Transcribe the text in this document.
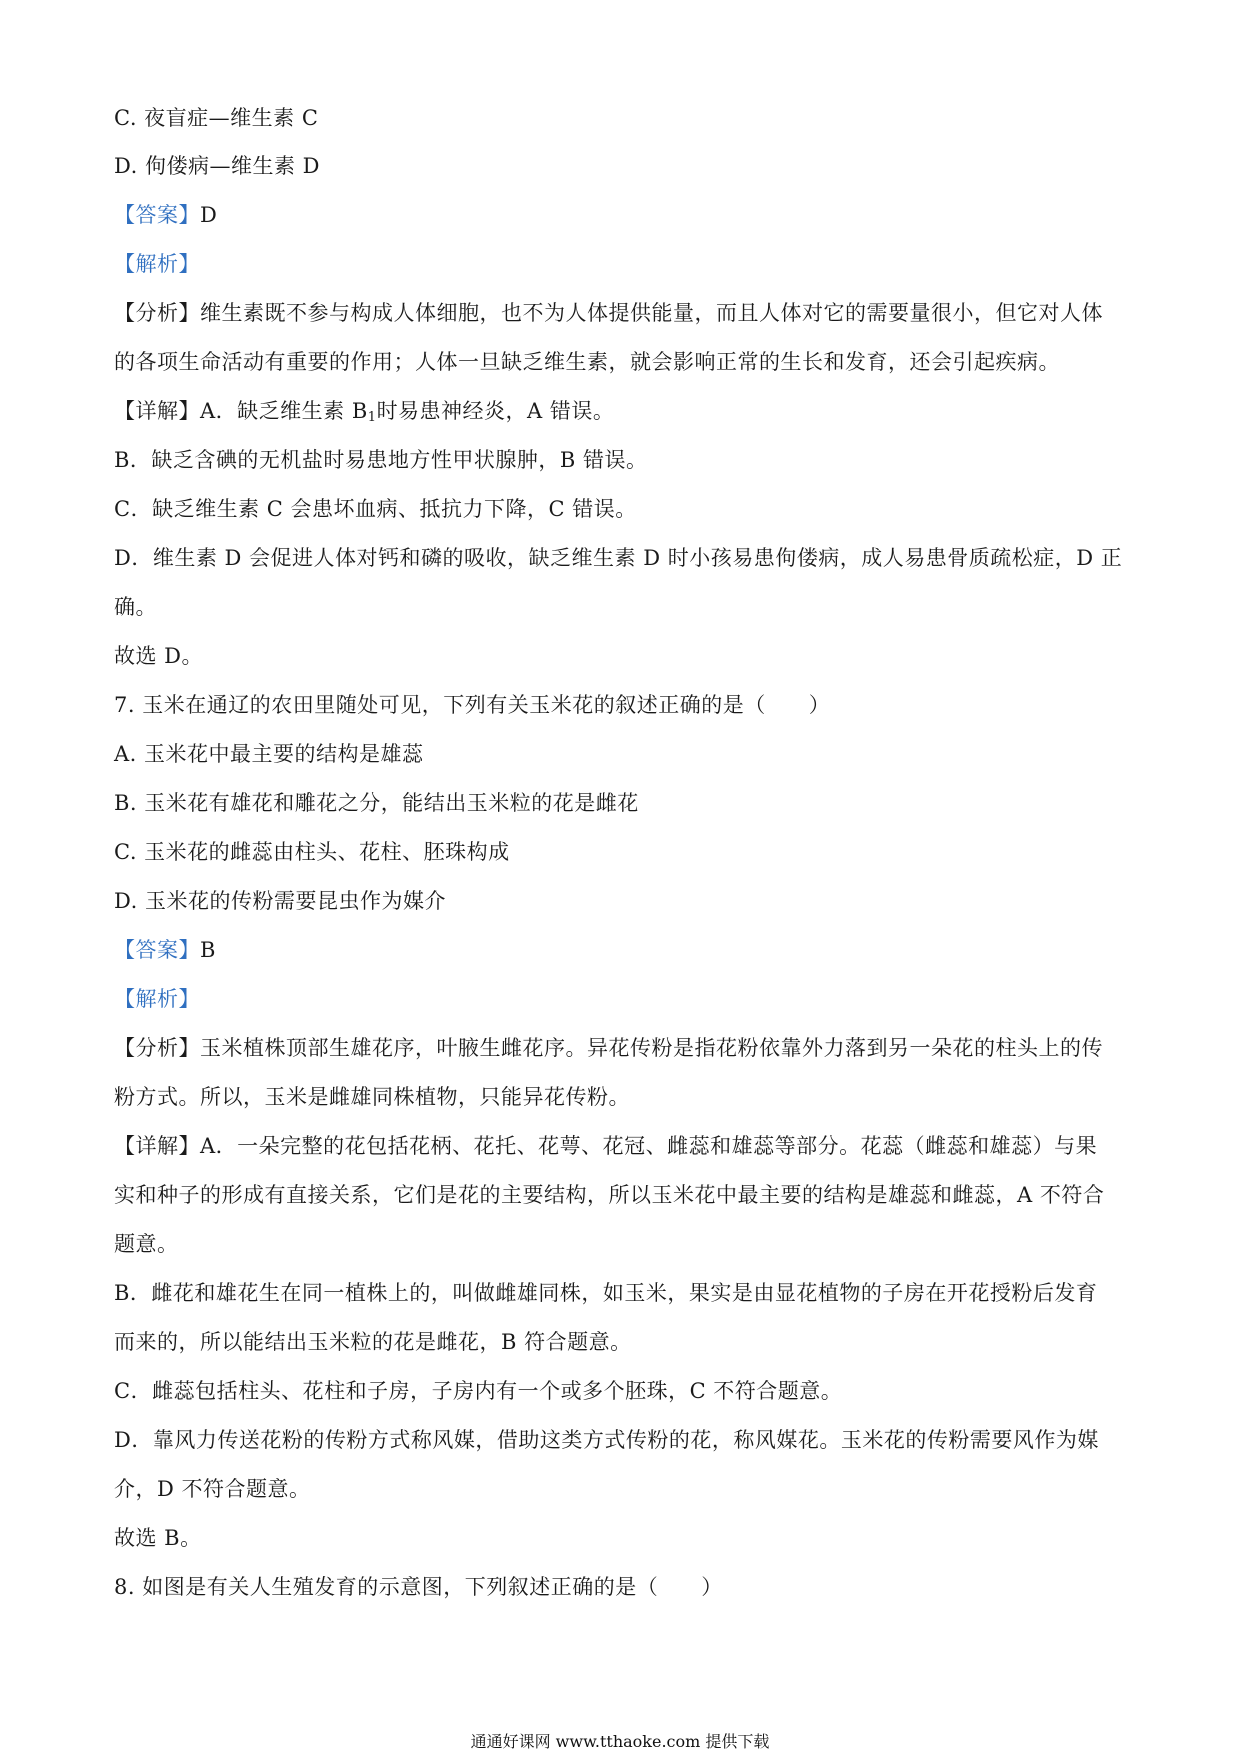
C. 夜盲症—维生素 C
D. 佝偻病—维生素 D
【答案】D
【解析】
【分析】维生素既不参与构成人体细胞，也不为人体提供能量，而且人体对它的需要量很小，但它对人体
的各项生命活动有重要的作用；人体一旦缺乏维生素，就会影响正常的生长和发育，还会引起疾病。
【详解】A．缺乏维生素 $B_1$时易患神经炎，A 错误。
B．缺乏含碘的无机盐时易患地方性甲状腺肿，B 错误。
C．缺乏维生素 C 会患坏血病、抵抗力下降，C 错误。
D．维生素 D 会促进人体对钙和磷的吸收，缺乏维生素 D 时小孩易患佝偻病，成人易患骨质疏松症，D 正
确。
故选 D。
7. 玉米在通辽的农田里随处可见，下列有关玉米花的叙述正确的是（　　）
A. 玉米花中最主要的结构是雄蕊
B. 玉米花有雄花和雕花之分，能结出玉米粒的花是雌花
C. 玉米花的雌蕊由柱头、花柱、胚珠构成
D. 玉米花的传粉需要昆虫作为媒介
【答案】B
【解析】
【分析】玉米植株顶部生雄花序，叶腋生雌花序。异花传粉是指花粉依靠外力落到另一朵花的柱头上的传
粉方式。所以，玉米是雌雄同株植物，只能异花传粉。
【详解】A．一朵完整的花包括花柄、花托、花萼、花冠、雌蕊和雄蕊等部分。花蕊（雌蕊和雄蕊）与果
实和种子的形成有直接关系，它们是花的主要结构，所以玉米花中最主要的结构是雄蕊和雌蕊，A 不符合
题意。
B．雌花和雄花生在同一植株上的，叫做雌雄同株，如玉米，果实是由显花植物的子房在开花授粉后发育
而来的，所以能结出玉米粒的花是雌花，B 符合题意。
C．雌蕊包括柱头、花柱和子房，子房内有一个或多个胚珠，C 不符合题意。
D．靠风力传送花粉的传粉方式称风媒，借助这类方式传粉的花，称风媒花。玉米花的传粉需要风作为媒
介，D 不符合题意。
故选 B。
8. 如图是有关人生殖发育的示意图，下列叙述正确的是（　　）
通通好课网 www.tthaoke.com 提供下载
